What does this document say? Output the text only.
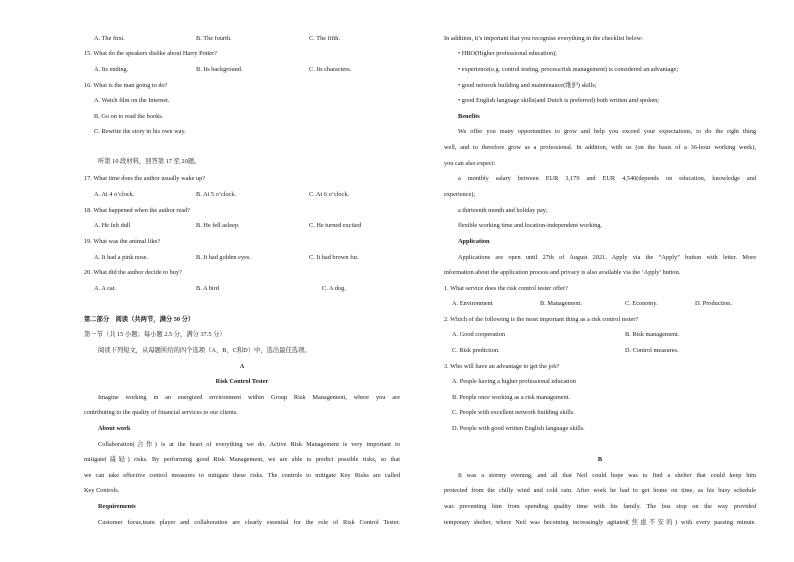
A. The first.	B. The fourth.	C. The fifth.
15. What do the speakers dislike about Harry Potter?
A. Its ending.	B. Its background.	C. Its characters.
16. What is the man going to do?
A. Watch film on the Internet.
B. Go on to read the books.
C. Rewrite the story in his own way.
听第 10 段材料，回答第 17 至 20题。
17. What time does the author usually wake up?
A. At 4 o’clock.	B. At 5 o’clock.	C. At 6 o’clock.
18. What happened when the author read?
A. He felt dull	B. He fell asleep.	C. He turned excited
19. What was the animal like?
A. It had a pink nose.	B. It had golden eyes.	C. It had brown fur.
20. What did the author decide to buy?
A. A cat.	B. A bird	C. A dog.
第二部分　阅读（共两节，满分 50 分）
第一节（共 15 小题；每小题 2.5 分，满分 37.5 分）
阅读下列短文，从每题所给的四个选项（A、B、C和D）中，选出最佳选项。
A
Risk Control Tester
Imagine working in an energized environment within Group Risk Management, where you are
contributing to the quality of financial services to our clients.
About work
Collaboration(合作) is at the heart of everything we do. Active Risk Management is very important to
mitigate(减轻) risks. By performing good Risk Management, we are able to predict possible risks, so that
we can take effective control measures to mitigate these risks. The controls to mitigate Key Risks are called
Key Controls.
Requirements
Customer focus,team player and collaboration are clearly essential for the role of Risk Control Tester.
In addition, it’s important that you recognise everything in the checklist below:
• HBO(Higher professional education);
• experience(e.g. control testing, process/risk management) is considered an advantage;
• good network building and maintenance(维护) skills;
• good English language skills(and Dutch is preferred) both written and spoken;
Benefits
We offer you many opportunities to grow and help you exceed your expectations, to do the right thing
well, and to therefore grow as a professional. In addition, with us (on the basis of a 36-hour working week),
you can also expect:
a monthly salary between EUR 3,179 and EUR 4,540(depends on education, knowledge and
experience);
a thirteenth month and holiday pay;
flexible working time and location-independent working.
Application
Applications are open until 27th of August 2021. Apply via the “Apply” button with letter. More
information about the application process and privacy is also available via the ‘Apply’ button.
1. What service does the risk control tester offer?
A. Environment	B. Management.	C. Economy.	D. Production.
2. Which of the following is the most important thing as a risk control tester?
A. Good cooperation	B. Risk management.
C. Risk prediction.	D. Control measures.
3. Who will have an advantage to get the job?
A. People having a higher professional education
B. People once working as a risk management.
C. People with excellent network building skills.
D. People with good written English language skills.
B
It was a stormy evening, and all that Neil could hope was to find a shelter that could keep him
protected from the chilly wind and cold rain. After work he had to get home on time, as his busy schedule
was preventing him from spending quality time with his family. The bus stop on the way provided
temporary shelter, where Neil was becoming increasingly agitated(焦虑不安的) with every passing minute.
